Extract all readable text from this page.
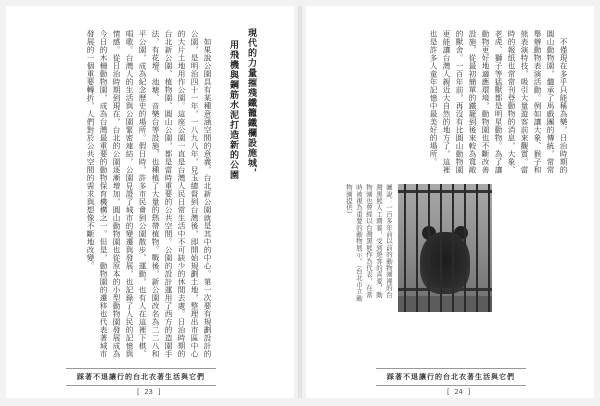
現代的力量摧殘鐵籠鐵欄設施城，
用飛機與鋼筋水泥打造新的公園

如果說公園具有某種意涵空間的意義，台北新公園就是其中的中心。第一次要有規劃設計的公園，是明治四十一年，一八九八年，兒玉總督到台灣後，即開始規劃土地，整理出市區中心的大片土地用作公園。這座公園一直是台灣人民日常生活中不可缺少的休閒去處。日治時期的台北新公園、植物園、圓山公園，都是當時重要的公共空間。公園的設計運用了西方的造園手法，有花壇、池塘、音樂台等設施，也種植了大量的熱帶植物。戰後，新公園改名為二二八和平公園，成為紀念歷史的場所。假日時，許多市民會到公園散步、運動，也有人在這裡下棋、唱歌。台灣人的生活與公園緊密連結，公園見證了城市的變遷與發展，也記錄了人民的記憶與情感。從日治時期到現在，台北的公園逐漸增加，圓山動物園也從原本的小型動物園發展成為今日的木柵動物園，成為台灣最重要的動物保育機構之一。但是，動物園的遷移也代表著城市發展的一個重要轉折，人們對於公共空間的需求與想像不斷地改變。

踩著不退讓行的台北衣著生活與它們
[ 23 ]

不僅現在多乎只能稱為樂，日治時期的圓山動物園，繼承了馬戲團的傳統，常常舉辦動物表演活動。例如讓大象、猴子和熊表演特技，吸引大量遊客前來觀賞。當時的報紙也常常刊登動物的消息，大象、老虎、獅子等猛獸都是明星動物。為了讓動物更好地適應環境，動物園也不斷改善設施，從最初簡單的鐵籠到後來較為寬敞的獸舍。一百年前，再沒有比圓山動物園更能讓台灣人親近大自然的地方了，這裡也是許多人童年記憶中最美好的場所。

圖說：一百多年前以前的動物園裡的台灣黑熊人工圈養，受到遊客的喜愛，動物園也曾經以台灣黑熊作為代表，在當時被視為重要的動物展示。（台北市立動物園提供）
踩著不退讓行的台北衣著生活與它們
[ 24 ]
